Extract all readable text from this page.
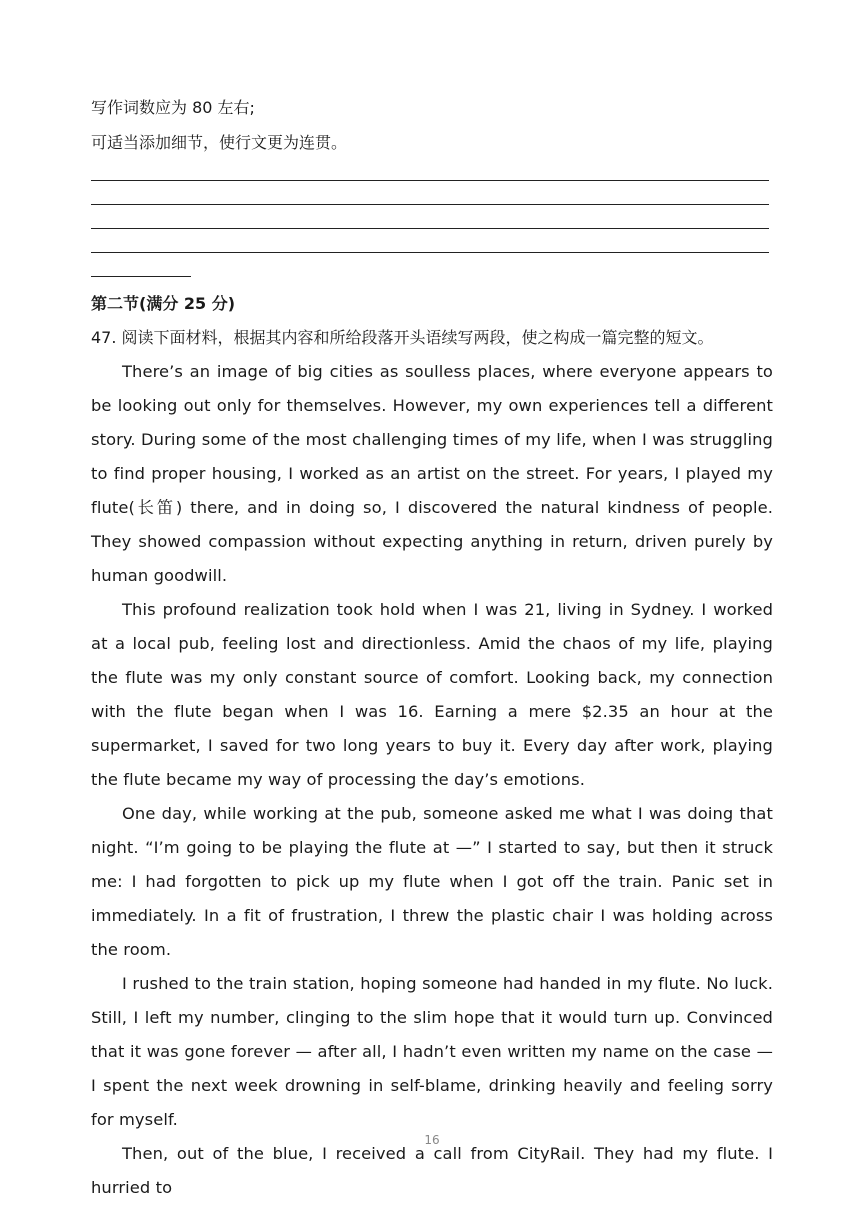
写作词数应为 80 左右;
可适当添加细节，使行文更为连贯。
第二节(满分 25 分)
47. 阅读下面材料，根据其内容和所给段落开头语续写两段，使之构成一篇完整的短文。

There’s an image of big cities as soulless places, where everyone appears to be looking out only for themselves. However, my own experiences tell a different story. During some of the most challenging times of my life, when I was struggling to find proper housing, I worked as an artist on the street. For years, I played my flute(长笛) there, and in doing so, I discovered the natural kindness of people. They showed compassion without expecting anything in return, driven purely by human goodwill.

This profound realization took hold when I was 21, living in Sydney. I worked at a local pub, feeling lost and directionless. Amid the chaos of my life, playing the flute was my only constant source of comfort. Looking back, my connection with the flute began when I was 16. Earning a mere $2.35 an hour at the supermarket, I saved for two long years to buy it. Every day after work, playing the flute became my way of processing the day’s emotions.

One day, while working at the pub, someone asked me what I was doing that night. “I’m going to be playing the flute at —” I started to say, but then it struck me: I had forgotten to pick up my flute when I got off the train. Panic set in immediately. In a fit of frustration, I threw the plastic chair I was holding across the room.

I rushed to the train station, hoping someone had handed in my flute. No luck. Still, I left my number, clinging to the slim hope that it would turn up. Convinced that it was gone forever — after all, I hadn’t even written my name on the case — I spent the next week drowning in self-blame, drinking heavily and feeling sorry for myself.

Then, out of the blue, I received a call from CityRail. They had my flute. I hurried to

16
